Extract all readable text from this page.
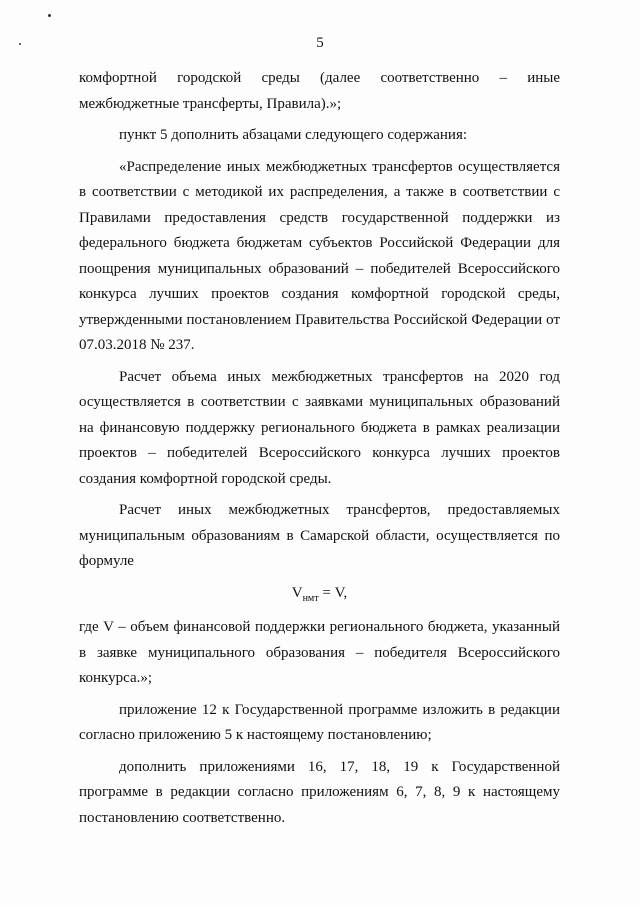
5

комфортной городской среды (далее соответственно – иные межбюджетные трансферты, Правила).»;

пункт 5 дополнить абзацами следующего содержания:

«Распределение иных межбюджетных трансфертов осуществляется в соответствии с методикой их распределения, а также в соответствии с Правилами предоставления средств государственной поддержки из федерального бюджета бюджетам субъектов Российской Федерации для поощрения муниципальных образований – победителей Всероссийского конкурса лучших проектов создания комфортной городской среды, утвержденными постановлением Правительства Российской Федерации от 07.03.2018 № 237.

Расчет объема иных межбюджетных трансфертов на 2020 год осуществляется в соответствии с заявками муниципальных образований на финансовую поддержку регионального бюджета в рамках реализации проектов – победителей Всероссийского конкурса лучших проектов создания комфортной городской среды.

Расчет иных межбюджетных трансфертов, предоставляемых муниципальным образованиям в Самарской области, осуществляется по формуле

$V_{нмт} = V$,

где V – объем финансовой поддержки регионального бюджета, указанный в заявке муниципального образования – победителя Всероссийского конкурса.»;

приложение 12 к Государственной программе изложить в редакции согласно приложению 5 к настоящему постановлению;

дополнить приложениями 16, 17, 18, 19 к Государственной программе в редакции согласно приложениям 6, 7, 8, 9 к настоящему постановлению соответственно.
